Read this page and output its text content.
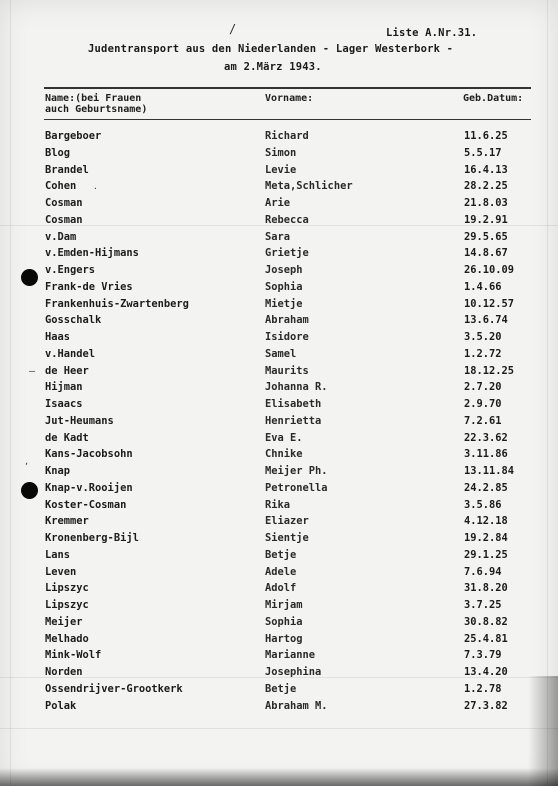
/
.
–
ʼ
Liste A.Nr.31.
Judentransport aus den Niederlanden - Lager Westerbork -
am 2.März 1943.
Name:(bei Frauen
auch Geburtsname)
Vorname:	Geb.Datum:
Bargeboer	Richard	11.6.25
Blog	Simon	5.5.17
Brandel	Levie	16.4.13
Cohen	Meta,Schlicher	28.2.25
Cosman	Arie	21.8.03
Cosman	Rebecca	19.2.91
v.Dam	Sara	29.5.65
v.Emden-Hijmans	Grietje	14.8.67
v.Engers	Joseph	26.10.09
Frank-de Vries	Sophia	1.4.66
Frankenhuis-Zwartenberg	Mietje	10.12.57
Gosschalk	Abraham	13.6.74
Haas	Isidore	3.5.20
v.Handel	Samel	1.2.72
de Heer	Maurits	18.12.25
Hijman	Johanna R.	2.7.20
Isaacs	Elisabeth	2.9.70
Jut-Heumans	Henrietta	7.2.61
de Kadt	Eva E.	22.3.62
Kans-Jacobsohn	Chnike	3.11.86
Knap	Meijer Ph.	13.11.84
Knap-v.Rooijen	Petronella	24.2.85
Koster-Cosman	Rika	3.5.86
Kremmer	Eliazer	4.12.18
Kronenberg-Bijl	Sientje	19.2.84
Lans	Betje	29.1.25
Leven	Adele	7.6.94
Lipszyc	Adolf	31.8.20
Lipszyc	Mirjam	3.7.25
Meijer	Sophia	30.8.82
Melhado	Hartog	25.4.81
Mink-Wolf	Marianne	7.3.79
Norden	Josephina	13.4.20
Ossendrijver-Grootkerk	Betje	1.2.78
Polak	Abraham M.	27.3.82
